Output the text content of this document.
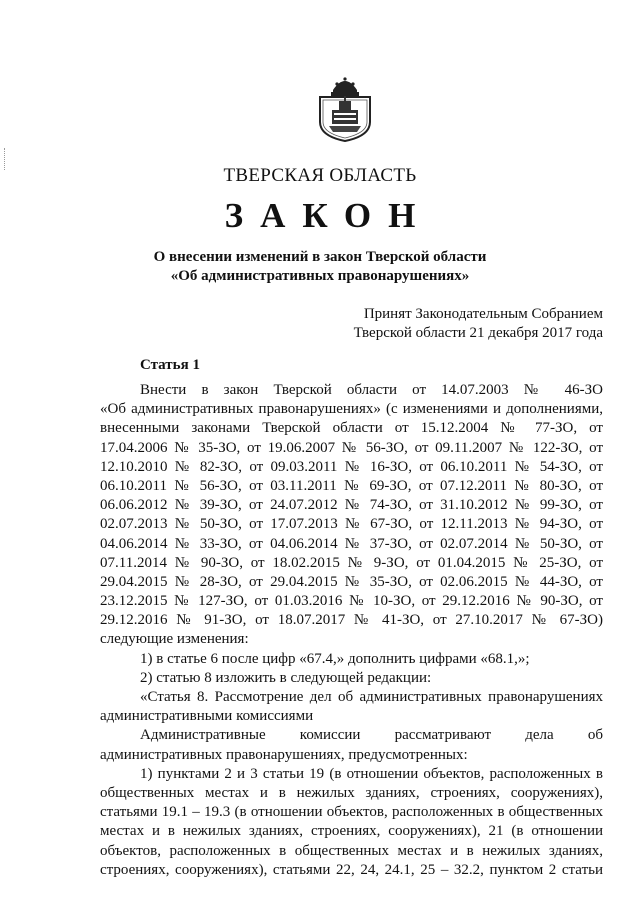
ТВЕРСКАЯ ОБЛАСТЬ
ЗАКОН
О внесении изменений в закон Тверской области
«Об административных правонарушениях»
Принят Законодательным Собранием
Тверской области 21 декабря 2017 года
Статья 1
Внести в закон Тверской области от 14.07.2003 № 46-ЗО
«Об административных правонарушениях» (с изменениями и дополнениями,
внесенными законами Тверской области от 15.12.2004 № 77-ЗО, от
17.04.2006 № 35-ЗО, от 19.06.2007 № 56-ЗО, от 09.11.2007 № 122-ЗО, от
12.10.2010 № 82-ЗО, от 09.03.2011 № 16-ЗО, от 06.10.2011 № 54-ЗО, от
06.10.2011 № 56-ЗО, от 03.11.2011 № 69-ЗО, от 07.12.2011 № 80-ЗО, от
06.06.2012 № 39-ЗО, от 24.07.2012 № 74-ЗО, от 31.10.2012 № 99-ЗО, от
02.07.2013 № 50-ЗО, от 17.07.2013 № 67-ЗО, от 12.11.2013 № 94-ЗО, от
04.06.2014 № 33-ЗО, от 04.06.2014 № 37-ЗО, от 02.07.2014 № 50-ЗО, от
07.11.2014 № 90-ЗО, от 18.02.2015 № 9-ЗО, от 01.04.2015 № 25-ЗО, от
29.04.2015 № 28-ЗО, от 29.04.2015 № 35-ЗО, от 02.06.2015 № 44-ЗО, от
23.12.2015 № 127-ЗО, от 01.03.2016 № 10-ЗО, от 29.12.2016 № 90-ЗО, от
29.12.2016 № 91-ЗО, от 18.07.2017 № 41-ЗО, от 27.10.2017 № 67-ЗО)
следующие изменения:
1) в статье 6 после цифр «67.4,» дополнить цифрами «68.1,»;
2) статью 8 изложить в следующей редакции:
«Статья 8. Рассмотрение дел об административных правонарушениях
административными комиссиями
Административные комиссии рассматривают дела об
административных правонарушениях, предусмотренных:
1) пунктами 2 и 3 статьи 19 (в отношении объектов, расположенных в
общественных местах и в нежилых зданиях, строениях, сооружениях),
статьями 19.1 – 19.3 (в отношении объектов, расположенных в общественных
местах и в нежилых зданиях, строениях, сооружениях), 21 (в отношении
объектов, расположенных в общественных местах и в нежилых зданиях,
строениях, сооружениях), статьями 22, 24, 24.1, 25 – 32.2, пунктом 2 статьи
